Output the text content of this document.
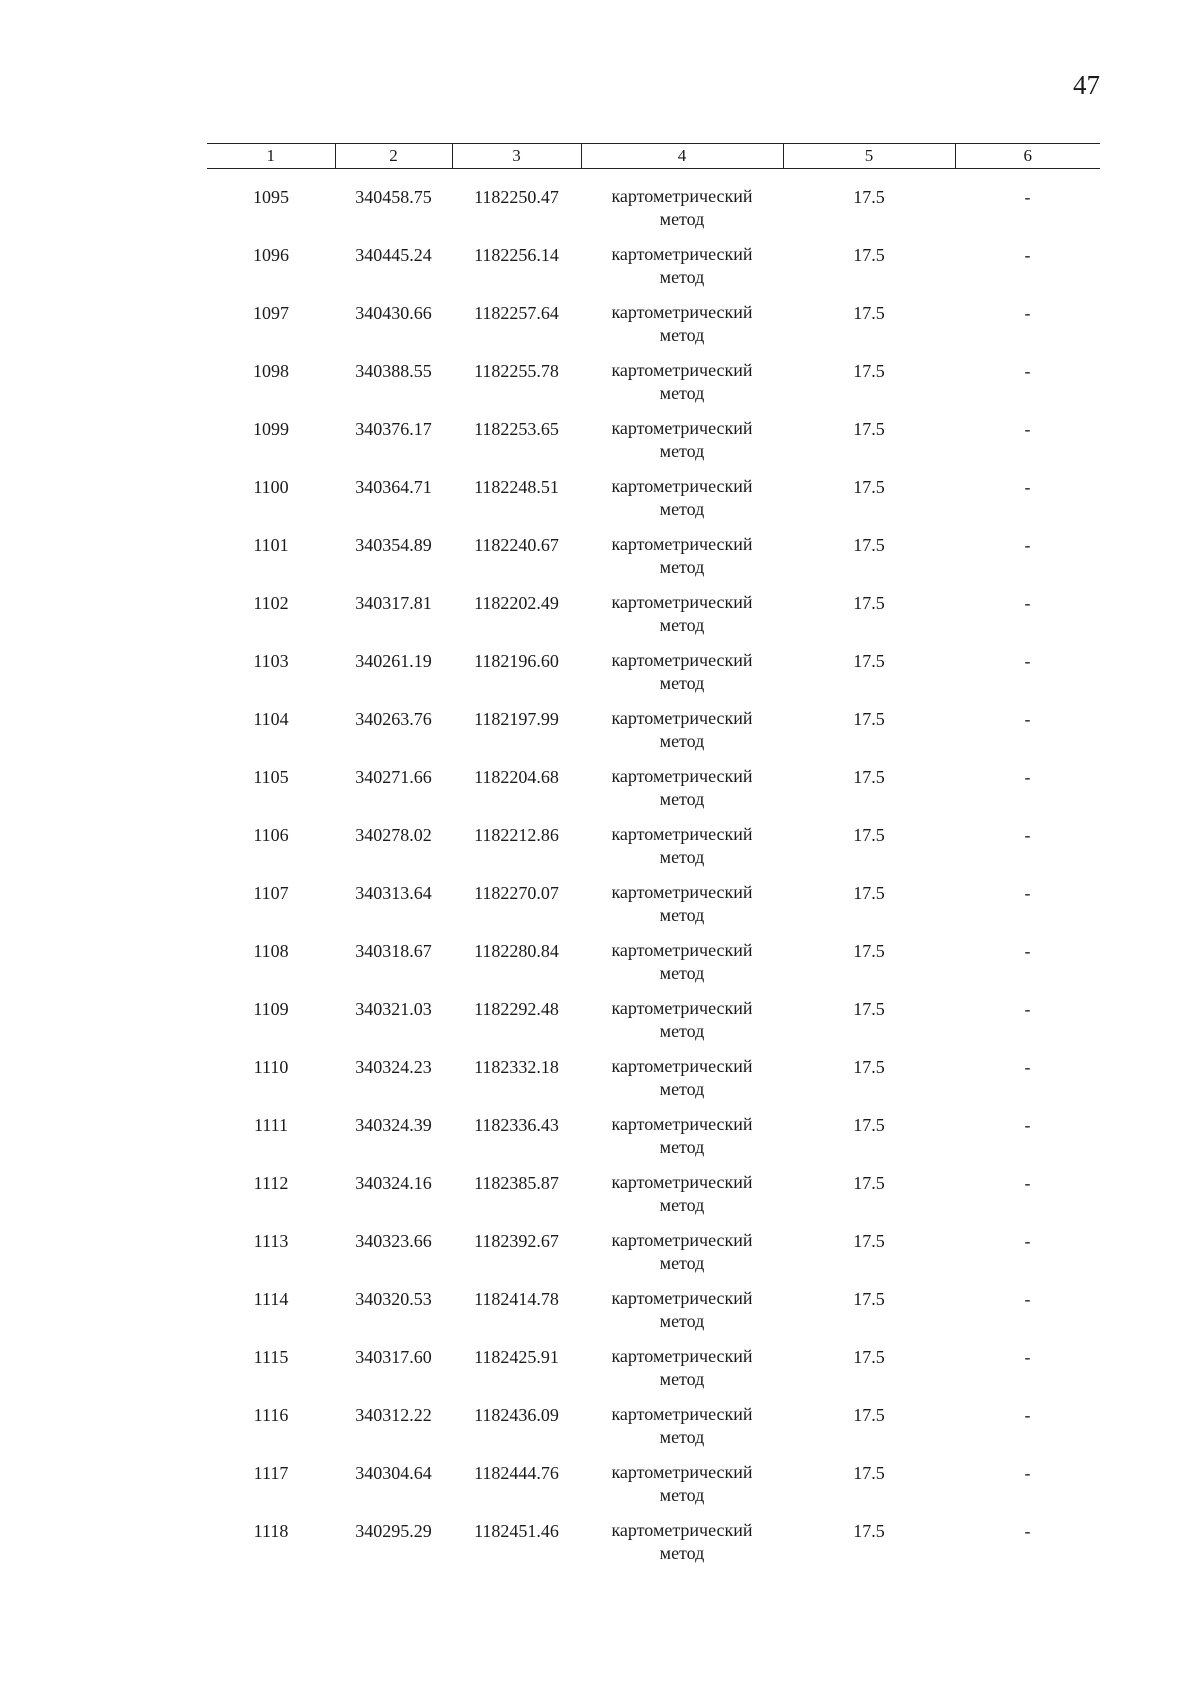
47
1	2	3	4	5	6
1095	340458.75	1182250.47	картометрический метод	17.5	-
1096	340445.24	1182256.14	картометрический метод	17.5	-
1097	340430.66	1182257.64	картометрический метод	17.5	-
1098	340388.55	1182255.78	картометрический метод	17.5	-
1099	340376.17	1182253.65	картометрический метод	17.5	-
1100	340364.71	1182248.51	картометрический метод	17.5	-
1101	340354.89	1182240.67	картометрический метод	17.5	-
1102	340317.81	1182202.49	картометрический метод	17.5	-
1103	340261.19	1182196.60	картометрический метод	17.5	-
1104	340263.76	1182197.99	картометрический метод	17.5	-
1105	340271.66	1182204.68	картометрический метод	17.5	-
1106	340278.02	1182212.86	картометрический метод	17.5	-
1107	340313.64	1182270.07	картометрический метод	17.5	-
1108	340318.67	1182280.84	картометрический метод	17.5	-
1109	340321.03	1182292.48	картометрический метод	17.5	-
1110	340324.23	1182332.18	картометрический метод	17.5	-
1111	340324.39	1182336.43	картометрический метод	17.5	-
1112	340324.16	1182385.87	картометрический метод	17.5	-
1113	340323.66	1182392.67	картометрический метод	17.5	-
1114	340320.53	1182414.78	картометрический метод	17.5	-
1115	340317.60	1182425.91	картометрический метод	17.5	-
1116	340312.22	1182436.09	картометрический метод	17.5	-
1117	340304.64	1182444.76	картометрический метод	17.5	-
1118	340295.29	1182451.46	картометрический метод	17.5	-
